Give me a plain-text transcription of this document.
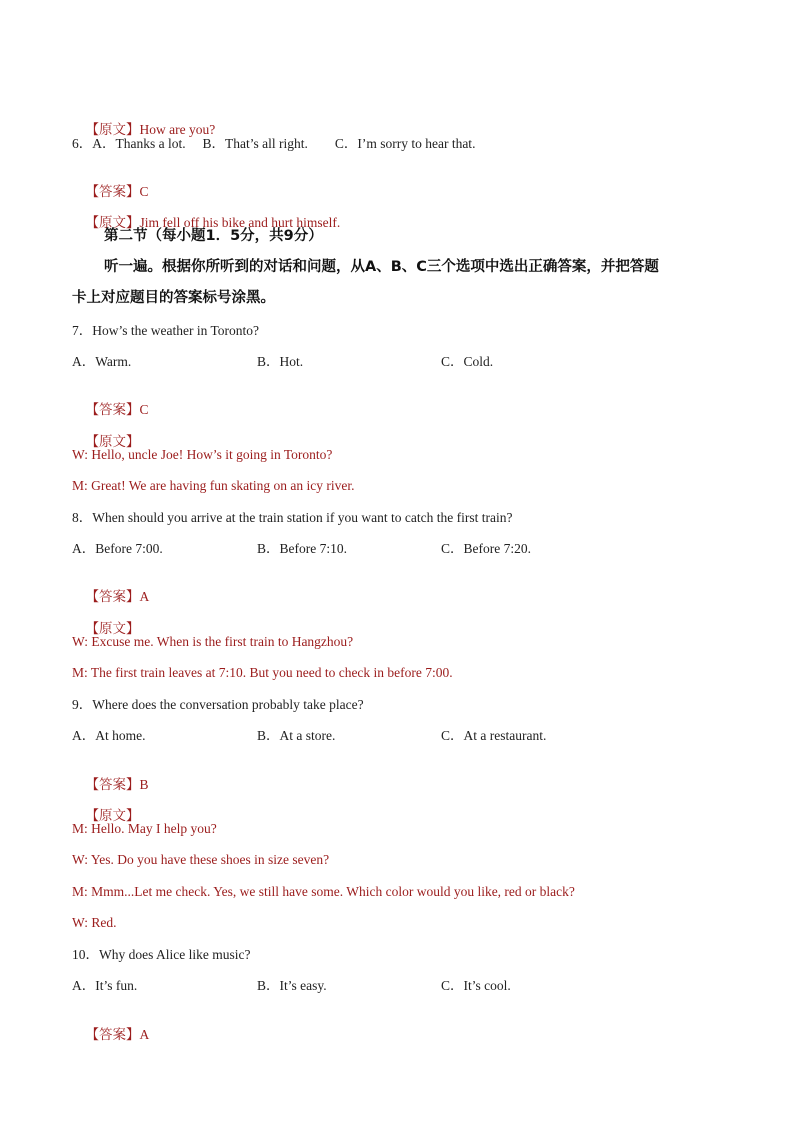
【原文】How are you?

6．A．Thanks a lot.     B．That’s all right.        C．I’m sorry to hear that.

【答案】C

【原文】Jim fell off his bike and hurt himself.

第二节（每小题1．5分，共9分）
听一遍。根据你所听到的对话和问题，从A、B、C三个选项中选出正确答案，并把答题
卡上对应题目的答案标号涂黑。
7．How’s the weather in Toronto?
A．Warm.	B．Hot.	C．Cold.

【答案】C

【原文】

W: Hello, uncle Joe! How’s it going in Toronto?
M: Great! We are having fun skating on an icy river.
8．When should you arrive at the train station if you want to catch the first train?
A．Before 7:00.	B．Before 7:10.	C．Before 7:20.

【答案】A

【原文】

W: Excuse me. When is the first train to Hangzhou?
M: The first train leaves at 7:10. But you need to check in before 7:00.
9．Where does the conversation probably take place?
A．At home.	B．At a store.	C．At a restaurant.

【答案】B

【原文】

M: Hello. May I help you?
W: Yes. Do you have these shoes in size seven?
M: Mmm...Let me check. Yes, we still have some. Which color would you like, red or black?
W: Red.
10．Why does Alice like music?
A．It’s fun.	B．It’s easy.	C．It’s cool.

【答案】A
